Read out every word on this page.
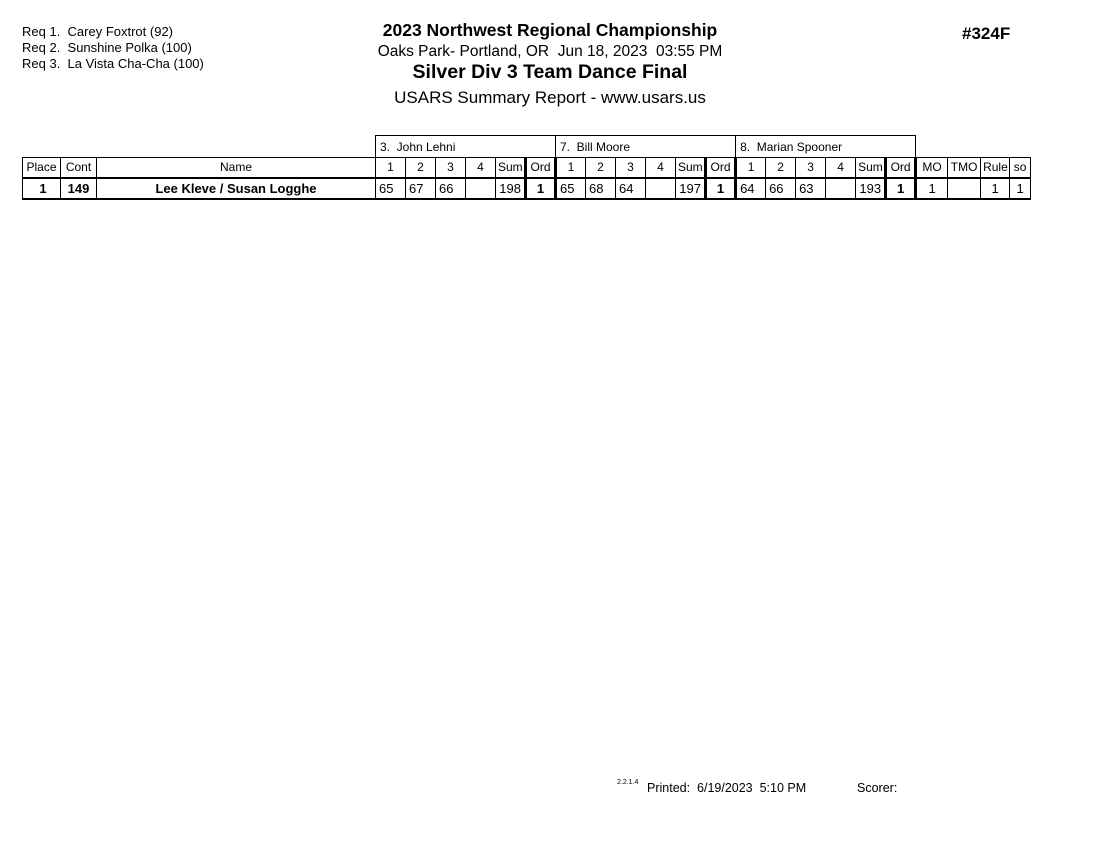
Req 1.  Carey Foxtrot (92)
Req 2.  Sunshine Polka (100)
Req 3.  La Vista Cha-Cha (100)
2023 Northwest Regional Championship
Oaks Park- Portland, OR  Jun 18, 2023  03:55 PM
Silver Div 3 Team Dance Final
USARS Summary Report - www.usars.us
#324F
			3.  John Lehni						7.  Bill Moore						8.  Marian Spooner									
Place	Cont	Name	1	2	3	4	Sum	Ord	1	2	3	4	Sum	Ord	1	2	3	4	Sum	Ord	MO	TMO	Rule	so
1	149	Lee Kleve / Susan Logghe	65	67	66		198	1	65	68	64		197	1	64	66	63		193	1	1		1	1
2.2.1.4 Printed:  6/19/2023  5:10 PM	Scorer:
